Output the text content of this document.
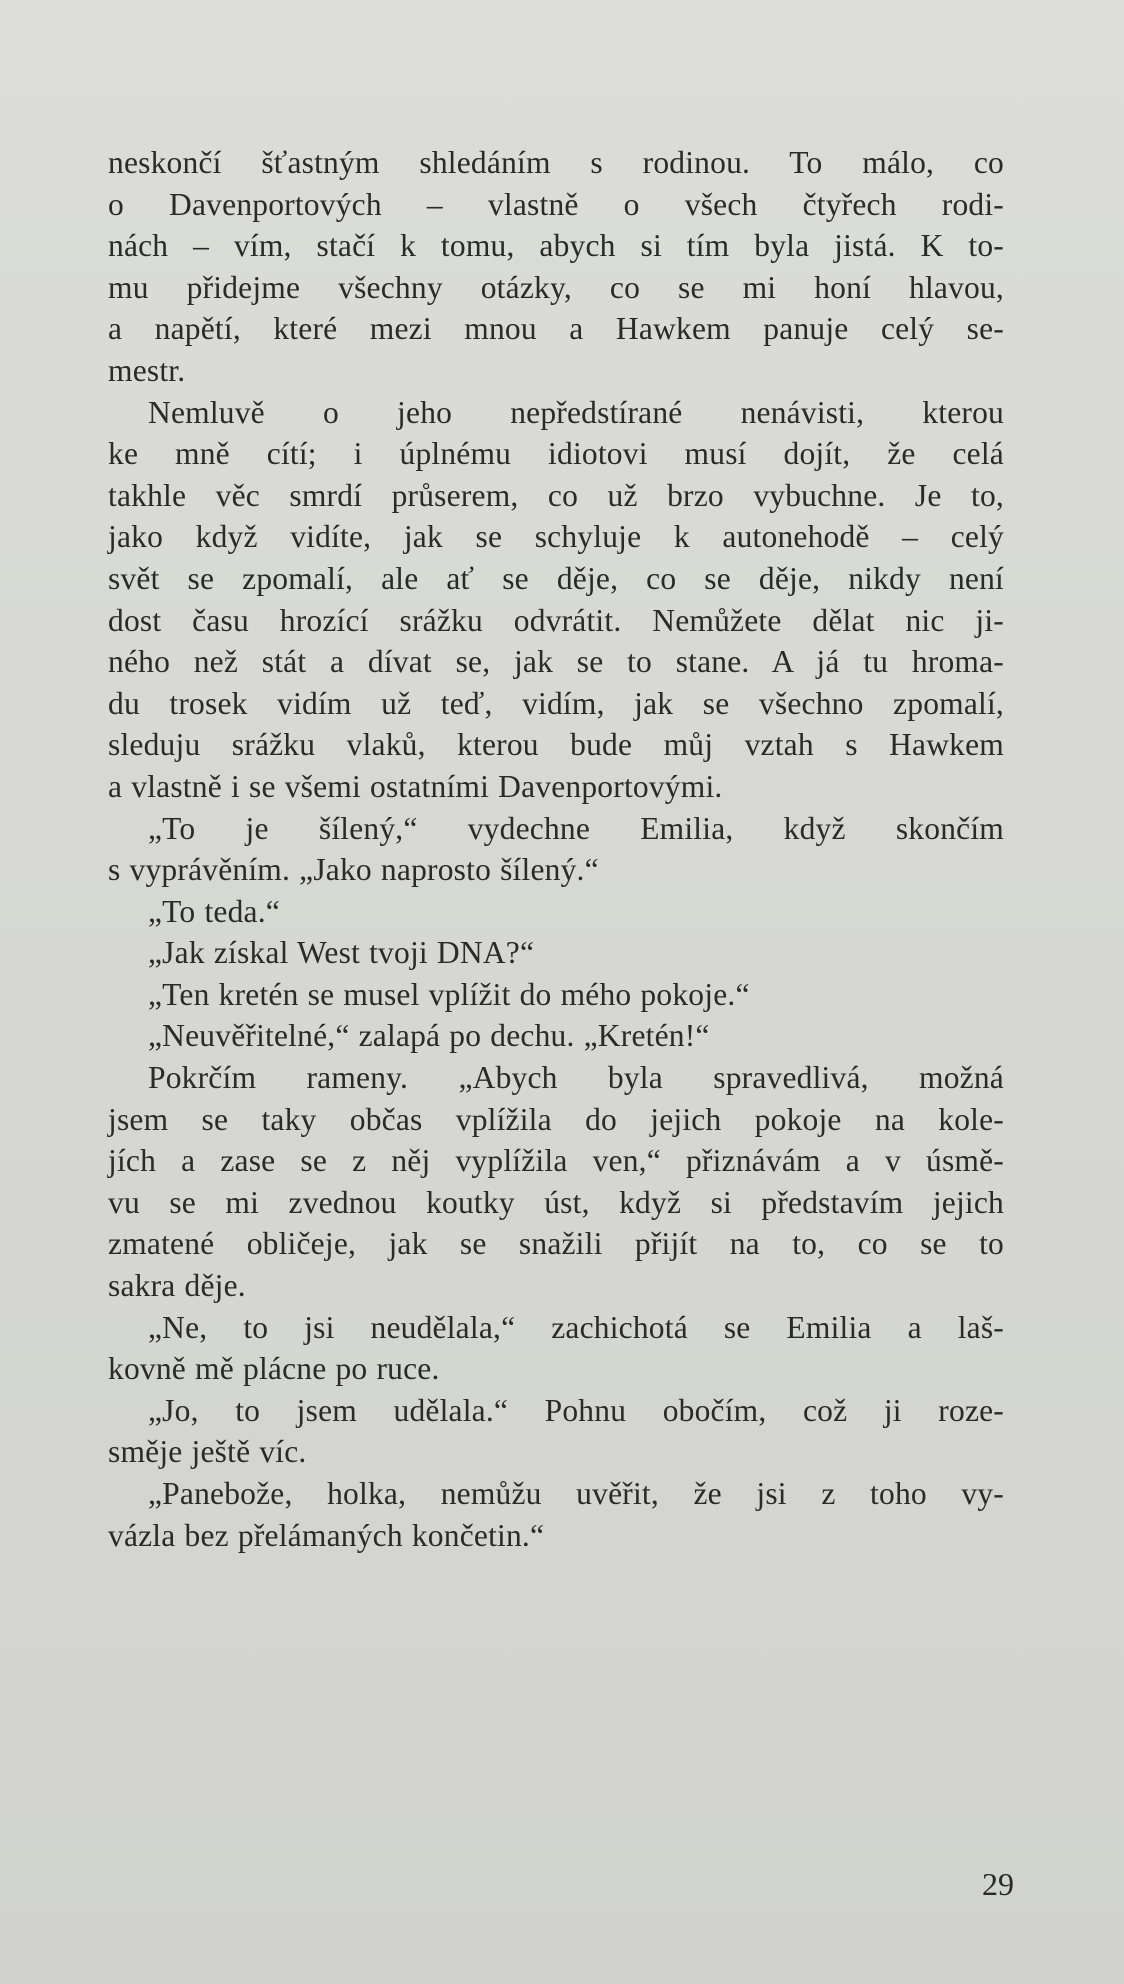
neskončí šťastným shledáním s rodinou. To málo, co
o Davenportových – vlastně o všech čtyřech rodi-
nách – vím, stačí k tomu, abych si tím byla jistá. K to-
mu přidejme všechny otázky, co se mi honí hlavou,
a napětí, které mezi mnou a Hawkem panuje celý se-
mestr.
Nemluvě o jeho nepředstírané nenávisti, kterou
ke mně cítí; i úplnému idiotovi musí dojít, že celá
takhle věc smrdí průserem, co už brzo vybuchne. Je to,
jako když vidíte, jak se schyluje k autonehodě – celý
svět se zpomalí, ale ať se děje, co se děje, nikdy není
dost času hrozící srážku odvrátit. Nemůžete dělat nic ji-
ného než stát a dívat se, jak se to stane. A já tu hroma-
du trosek vidím už teď, vidím, jak se všechno zpomalí,
sleduju srážku vlaků, kterou bude můj vztah s Hawkem
a vlastně i se všemi ostatními Davenportovými.
„To je šílený,“ vydechne Emilia, když skončím
s vyprávěním. „Jako naprosto šílený.“
„To teda.“
„Jak získal West tvoji DNA?“
„Ten kretén se musel vplížit do mého pokoje.“
„Neuvěřitelné,“ zalapá po dechu. „Kretén!“
Pokrčím rameny. „Abych byla spravedlivá, možná
jsem se taky občas vplížila do jejich pokoje na kole-
jích a zase se z něj vyplížila ven,“ přiznávám a v úsmě-
vu se mi zvednou koutky úst, když si představím jejich
zmatené obličeje, jak se snažili přijít na to, co se to
sakra děje.
„Ne, to jsi neudělala,“ zachichotá se Emilia a laš-
kovně mě plácne po ruce.
„Jo, to jsem udělala.“ Pohnu obočím, což ji roze-
směje ještě víc.
„Panebože, holka, nemůžu uvěřit, že jsi z toho vy-
vázla bez přelámaných končetin.“
29
